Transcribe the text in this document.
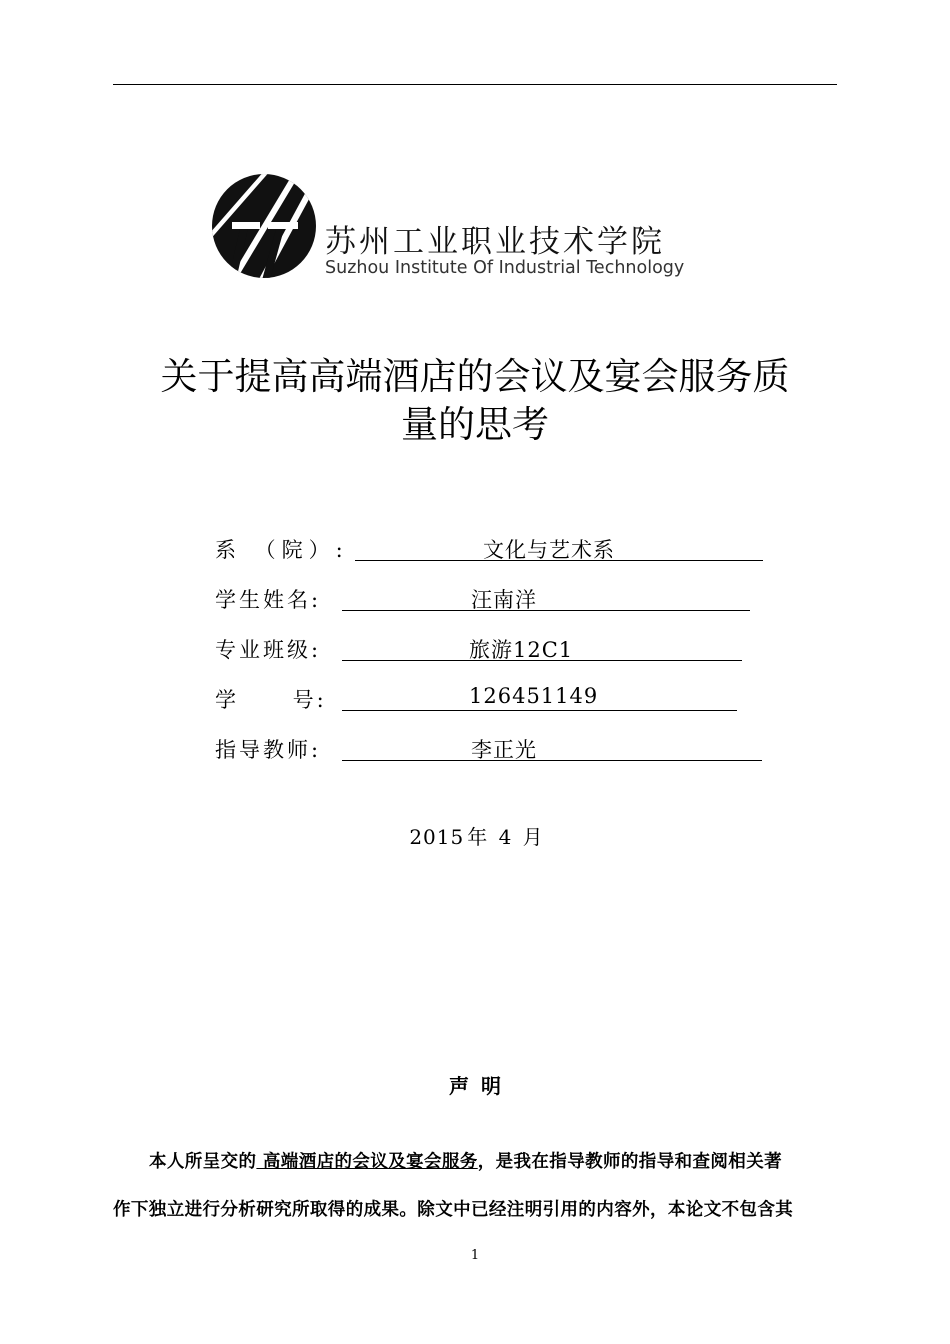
苏州工业职业技术学院
Suzhou Institute Of Industrial Technology
关于提高高端酒店的会议及宴会服务质
量的思考
系 （院）:	文化与艺术系
学生姓名:	汪南洋
专业班级:	旅游12C1
学 号:	126451149
指导教师:	李正光
2015 年 4 月
声明
本人所呈交的 高端酒店的会议及宴会服务，是我在指导教师的指导和查阅相关著
作下独立进行分析研究所取得的成果。除文中已经注明引用的内容外，本论文不包含其
1
